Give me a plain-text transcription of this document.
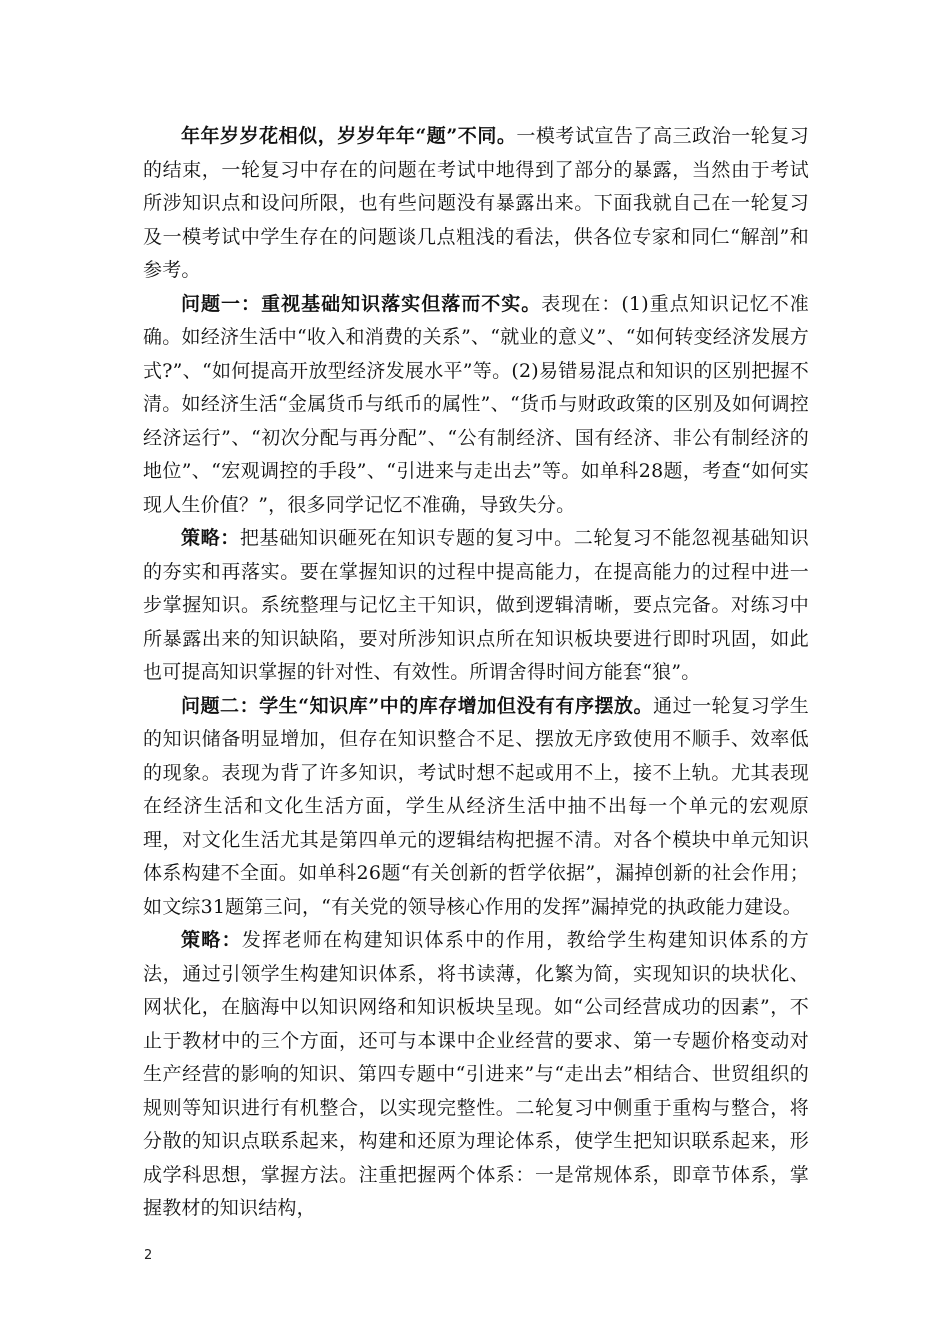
年年岁岁花相似，岁岁年年“题”不同。一模考试宣告了高三政治一轮复习的结束，一轮复习中存在的问题在考试中地得到了部分的暴露，当然由于考试所涉知识点和设问所限，也有些问题没有暴露出来。下面我就自己在一轮复习及一模考试中学生存在的问题谈几点粗浅的看法，供各位专家和同仁“解剖”和参考。

问题一：重视基础知识落实但落而不实。表现在：(1)重点知识记忆不准确。如经济生活中“收入和消费的关系”、“就业的意义”、“如何转变经济发展方式?”、“如何提高开放型经济发展水平”等。(2)易错易混点和知识的区别把握不清。如经济生活“金属货币与纸币的属性”、“货币与财政政策的区别及如何调控经济运行”、“初次分配与再分配”、“公有制经济、国有经济、非公有制经济的地位”、“宏观调控的手段”、“引进来与走出去”等。如单科28题，考查“如何实现人生价值？”，很多同学记忆不准确，导致失分。

策略：把基础知识砸死在知识专题的复习中。二轮复习不能忽视基础知识的夯实和再落实。要在掌握知识的过程中提高能力，在提高能力的过程中进一步掌握知识。系统整理与记忆主干知识，做到逻辑清晰，要点完备。对练习中所暴露出来的知识缺陷，要对所涉知识点所在知识板块要进行即时巩固，如此也可提高知识掌握的针对性、有效性。所谓舍得时间方能套“狼”。

问题二：学生“知识库”中的库存增加但没有有序摆放。通过一轮复习学生的知识储备明显增加，但存在知识整合不足、摆放无序致使用不顺手、效率低的现象。表现为背了许多知识，考试时想不起或用不上，接不上轨。尤其表现在经济生活和文化生活方面，学生从经济生活中抽不出每一个单元的宏观原理，对文化生活尤其是第四单元的逻辑结构把握不清。对各个模块中单元知识体系构建不全面。如单科26题“有关创新的哲学依据”，漏掉创新的社会作用；如文综31题第三问，“有关党的领导核心作用的发挥”漏掉党的执政能力建设。

策略：发挥老师在构建知识体系中的作用，教给学生构建知识体系的方法，通过引领学生构建知识体系，将书读薄，化繁为简，实现知识的块状化、网状化，在脑海中以知识网络和知识板块呈现。如“公司经营成功的因素”，不止于教材中的三个方面，还可与本课中企业经营的要求、第一专题价格变动对生产经营的影响的知识、第四专题中“引进来”与“走出去”相结合、世贸组织的规则等知识进行有机整合，以实现完整性。二轮复习中侧重于重构与整合，将分散的知识点联系起来，构建和还原为理论体系，使学生把知识联系起来，形成学科思想，掌握方法。注重把握两个体系：一是常规体系，即章节体系，掌握教材的知识结构，

2
